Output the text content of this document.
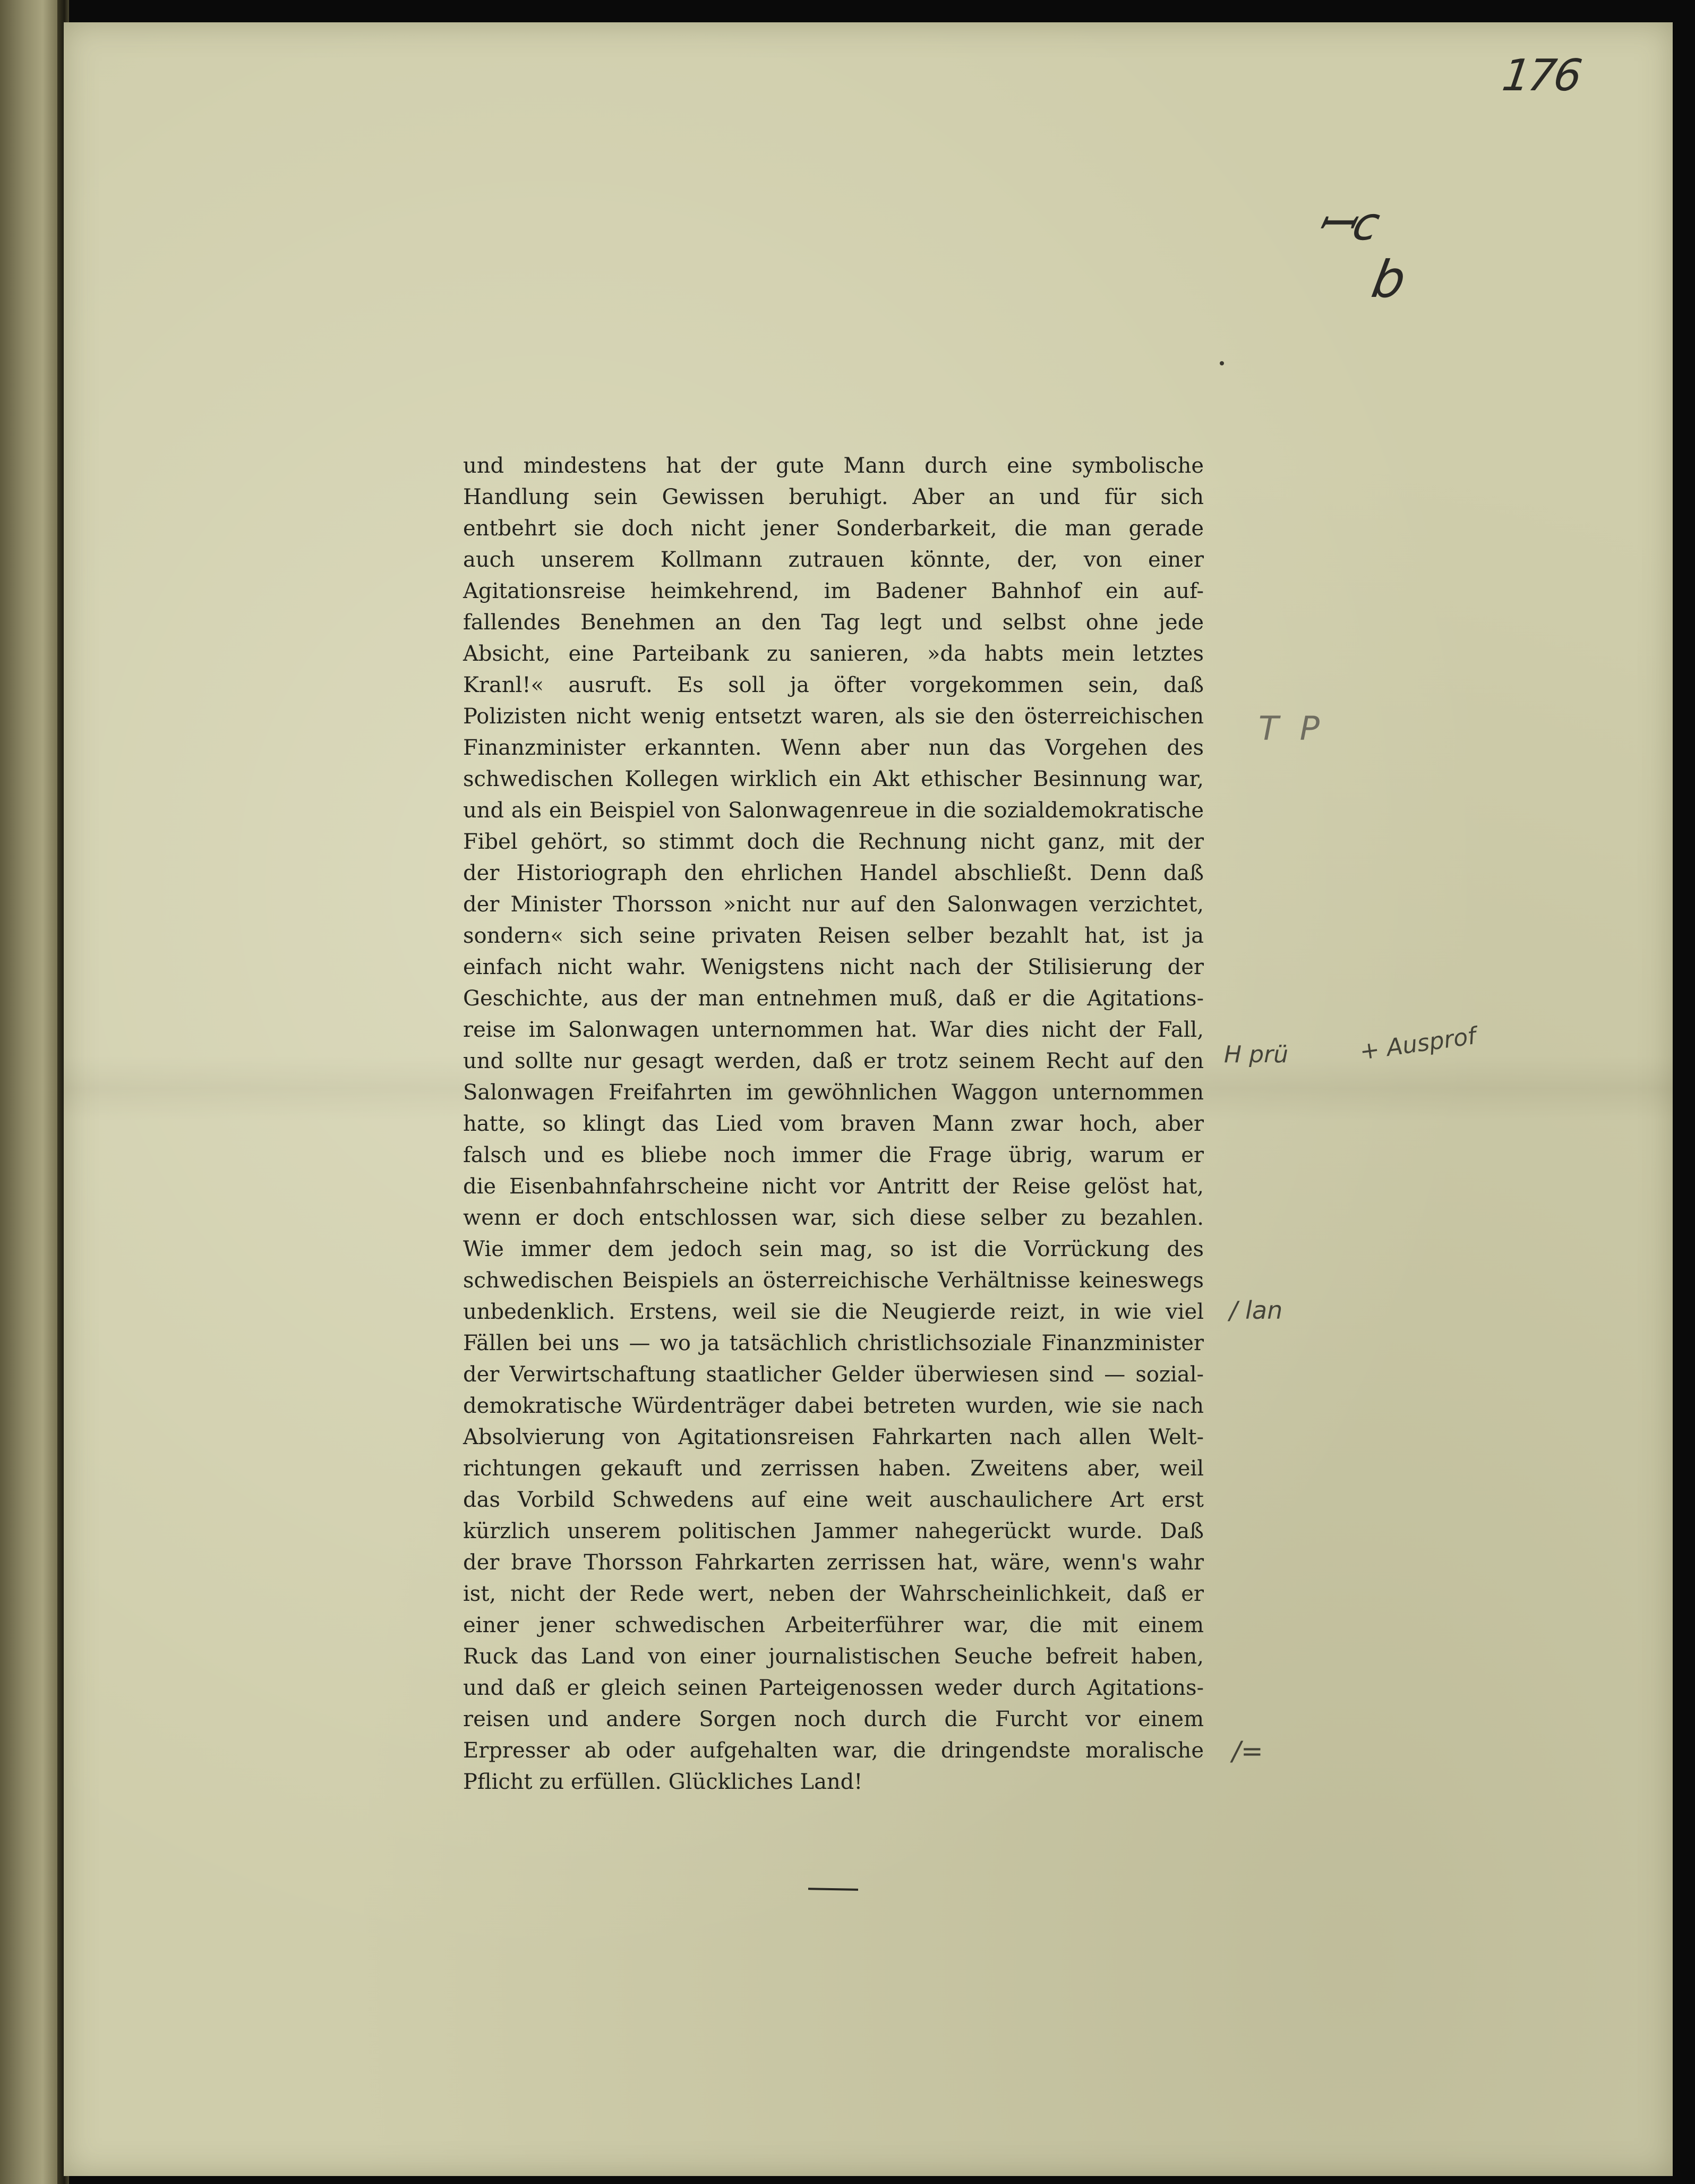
176
ꟷc
b
T P
H prü	+ Ausprof
/ lan
/=
und mindestens hat der gute Mann durch eine symbolische
Handlung sein Gewissen beruhigt. Aber an und für sich
entbehrt sie doch nicht jener Sonderbarkeit, die man gerade
auch unserem Kollmann zutrauen könnte, der, von einer
Agitationsreise heimkehrend, im Badener Bahnhof ein auf-
fallendes Benehmen an den Tag legt und selbst ohne jede
Absicht, eine Parteibank zu sanieren, »da habts mein letztes
Kranl!« ausruft. Es soll ja öfter vorgekommen sein, daß
Polizisten nicht wenig entsetzt waren, als sie den österreichischen
Finanzminister erkannten. Wenn aber nun das Vorgehen des
schwedischen Kollegen wirklich ein Akt ethischer Besinnung war,
und als ein Beispiel von Salonwagenreue in die sozialdemokratische
Fibel gehört, so stimmt doch die Rechnung nicht ganz, mit der
der Historiograph den ehrlichen Handel abschließt. Denn daß
der Minister Thorsson »nicht nur auf den Salonwagen verzichtet,
sondern« sich seine privaten Reisen selber bezahlt hat, ist ja
einfach nicht wahr. Wenigstens nicht nach der Stilisierung der
Geschichte, aus der man entnehmen muß, daß er die Agitations-
reise im Salonwagen unternommen hat. War dies nicht der Fall,
und sollte nur gesagt werden, daß er trotz seinem Recht auf den
Salonwagen Freifahrten im gewöhnlichen Waggon unternommen
hatte, so klingt das Lied vom braven Mann zwar hoch, aber
falsch und es bliebe noch immer die Frage übrig, warum er
die Eisenbahnfahrscheine nicht vor Antritt der Reise gelöst hat,
wenn er doch entschlossen war, sich diese selber zu bezahlen.
Wie immer dem jedoch sein mag, so ist die Vorrückung des
schwedischen Beispiels an österreichische Verhältnisse keineswegs
unbedenklich. Erstens, weil sie die Neugierde reizt, in wie viel
Fällen bei uns — wo ja tatsächlich christlichsoziale Finanzminister
der Verwirtschaftung staatlicher Gelder überwiesen sind — sozial-
demokratische Würdenträger dabei betreten wurden, wie sie nach
Absolvierung von Agitationsreisen Fahrkarten nach allen Welt-
richtungen gekauft und zerrissen haben. Zweitens aber, weil
das Vorbild Schwedens auf eine weit auschaulichere Art erst
kürzlich unserem politischen Jammer nahegerückt wurde. Daß
der brave Thorsson Fahrkarten zerrissen hat, wäre, wenn's wahr
ist, nicht der Rede wert, neben der Wahrscheinlichkeit, daß er
einer jener schwedischen Arbeiterführer war, die mit einem
Ruck das Land von einer journalistischen Seuche befreit haben,
und daß er gleich seinen Parteigenossen weder durch Agitations-
reisen und andere Sorgen noch durch die Furcht vor einem
Erpresser ab oder aufgehalten war, die dringendste moralische
Pflicht zu erfüllen. Glückliches Land!
